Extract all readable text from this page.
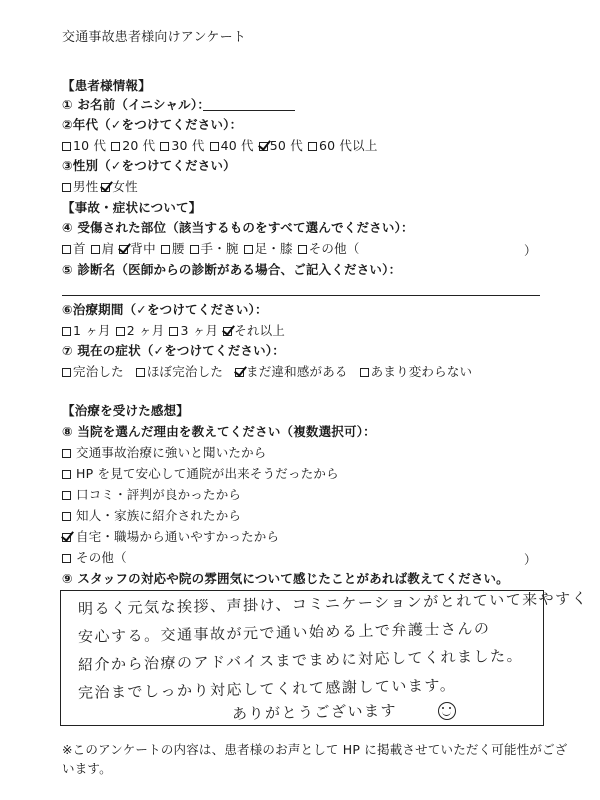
交通事故患者様向けアンケート
【患者様情報】
① お名前（イニシャル）：
②年代（✓をつけてください）：
10 代 20 代 30 代 40 代 50 代 60 代以上
③性別（✓をつけてください）
男性 女性
【事故・症状について】
④ 受傷された部位（該当するものをすべて選んでください）：
首 肩 背中 腰 手・腕 足・膝 その他（	）
⑤ 診断名（医師からの診断がある場合、ご記入ください）：
⑥治療期間（✓をつけてください）：
1 ヶ月 2 ヶ月 3 ヶ月 それ以上
⑦ 現在の症状（✓をつけてください）：
完治した ほぼ完治した まだ違和感がある あまり変わらない
【治療を受けた感想】
⑧ 当院を選んだ理由を教えてください（複数選択可）：
交通事故治療に強いと聞いたから
HP を見て安心して通院が出来そうだったから
口コミ・評判が良かったから
知人・家族に紹介されたから
自宅・職場から通いやすかったから
その他（	）
⑨ スタッフの対応や院の雰囲気について感じたことがあれば教えてください。
明るく元気な挨拶、声掛け、コミニケーションがとれていて来やすく
安心する。交通事故が元で通い始める上で弁護士さんの
紹介から治療のアドバイスまでまめに対応してくれました。
完治までしっかり対応してくれて感謝しています。
ありがとうございます
※このアンケートの内容は、患者様のお声として HP に掲載させていただく可能性がござ
います。
